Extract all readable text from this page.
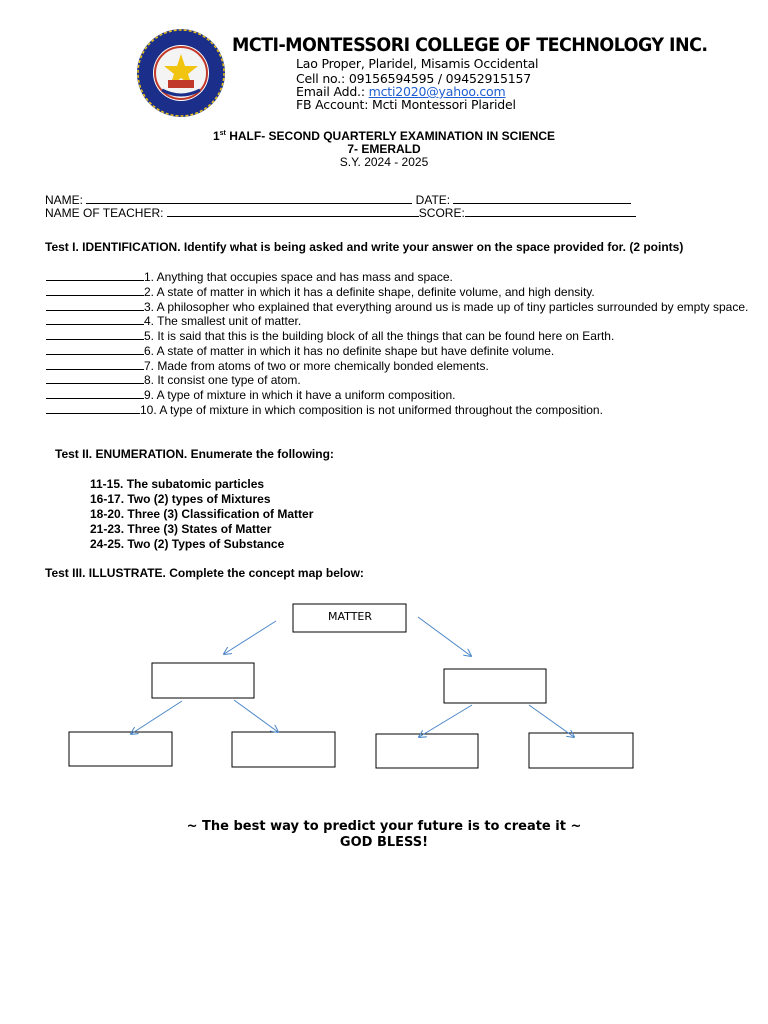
MCTI-MONTESSORI COLLEGE OF TECHNOLOGY INC.
Lao Proper, Plaridel, Misamis Occidental
Cell no.: 09156594595 / 09452915157
Email Add.: mcti2020@yahoo.com
FB Account: Mcti Montessori Plaridel
1st HALF- SECOND QUARTERLY EXAMINATION IN SCIENCE
7- EMERALD
S.Y. 2024 - 2025
NAME:	DATE:
NAME OF TEACHER:	SCORE:
Test I. IDENTIFICATION. Identify what is being asked and write your answer on the space provided for. (2 points)
1. Anything that occupies space and has mass and space.
2. A state of matter in which it has a definite shape, definite volume, and high density.
3. A philosopher who explained that everything around us is made up of tiny particles surrounded by empty space.
4. The smallest unit of matter.
5. It is said that this is the building block of all the things that can be found here on Earth.
6. A state of matter in which it has no definite shape but have definite volume.
7. Made from atoms of two or more chemically bonded elements.
8. It consist one type of atom.
9. A type of mixture in which it have a uniform composition.
10. A type of mixture in which composition is not uniformed throughout the composition.
Test II. ENUMERATION. Enumerate the following:
11-15. The subatomic particles
16-17. Two (2) types of Mixtures
18-20. Three (3) Classification of Matter
21-23. Three (3) States of Matter
24-25. Two (2) Types of Substance
Test III. ILLUSTRATE. Complete the concept map below:
MATTER
~ The best way to predict your future is to create it ~
GOD BLESS!
